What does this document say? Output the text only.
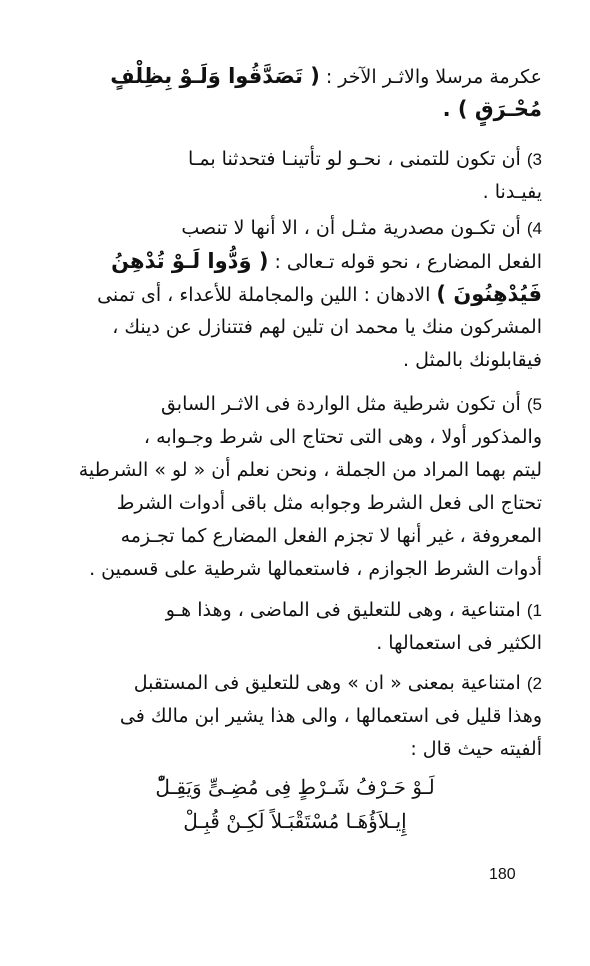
عكرمة مرسلا والاثـر الآخر : ( تَصَدَّقُوا وَلَـوْ بِظِلْفٍ
مُحْـرَقٍ ) .
3) أن تكون للتمنى ، نحـو لو تأتينـا فتحدثنا بمـا
يفيـدنا .
4) أن تكـون مصدرية مثـل أن ، الا أنها لا تنصب
الفعل المضارع ، نحو قوله تـعالى : ( وَدُّوا لَـوْ تُدْهِنُ
فَيُدْهِنُونَ ) الادهان : اللين والمجاملة للأعداء ، أى تمنى
المشركون منك يا محمد ان تلين لهم فتتنازل عن دينك ،
فيقابلونك بالمثل .
5) أن تكون شرطية مثل الواردة فى الاثـر السابق
والمذكور أولا ، وهى التى تحتاج الى شرط وجـوابه ،
ليتم بهما المراد من الجملة ، ونحن نعلم أن « لو » الشرطية
تحتاج الى فعل الشرط وجوابه مثل باقى أدوات الشرط
المعروفة ، غير أنها لا تجزم الفعل المضارع كما تجـزمه
أدوات الشرط الجوازم ، فاستعمالها شرطية على قسمين .
1) امتناعية ، وهى للتعليق فى الماضى ، وهذا هـو
الكثير فى استعمالها .
2) امتناعية بمعنى « ان » وهى للتعليق فى المستقبل
وهذا قليل فى استعمالها ، والى هذا يشير ابن مالك فى
ألفيته حيث قال :
لَـوْ حَـرْفُ شَـرْطٍ فِى مُضِـىٍّ وَيَقِـلّْ
إِيـلاَؤُهَـا مُسْتَقْبَـلاً لَكِـنْ قُبِـلْ
180
